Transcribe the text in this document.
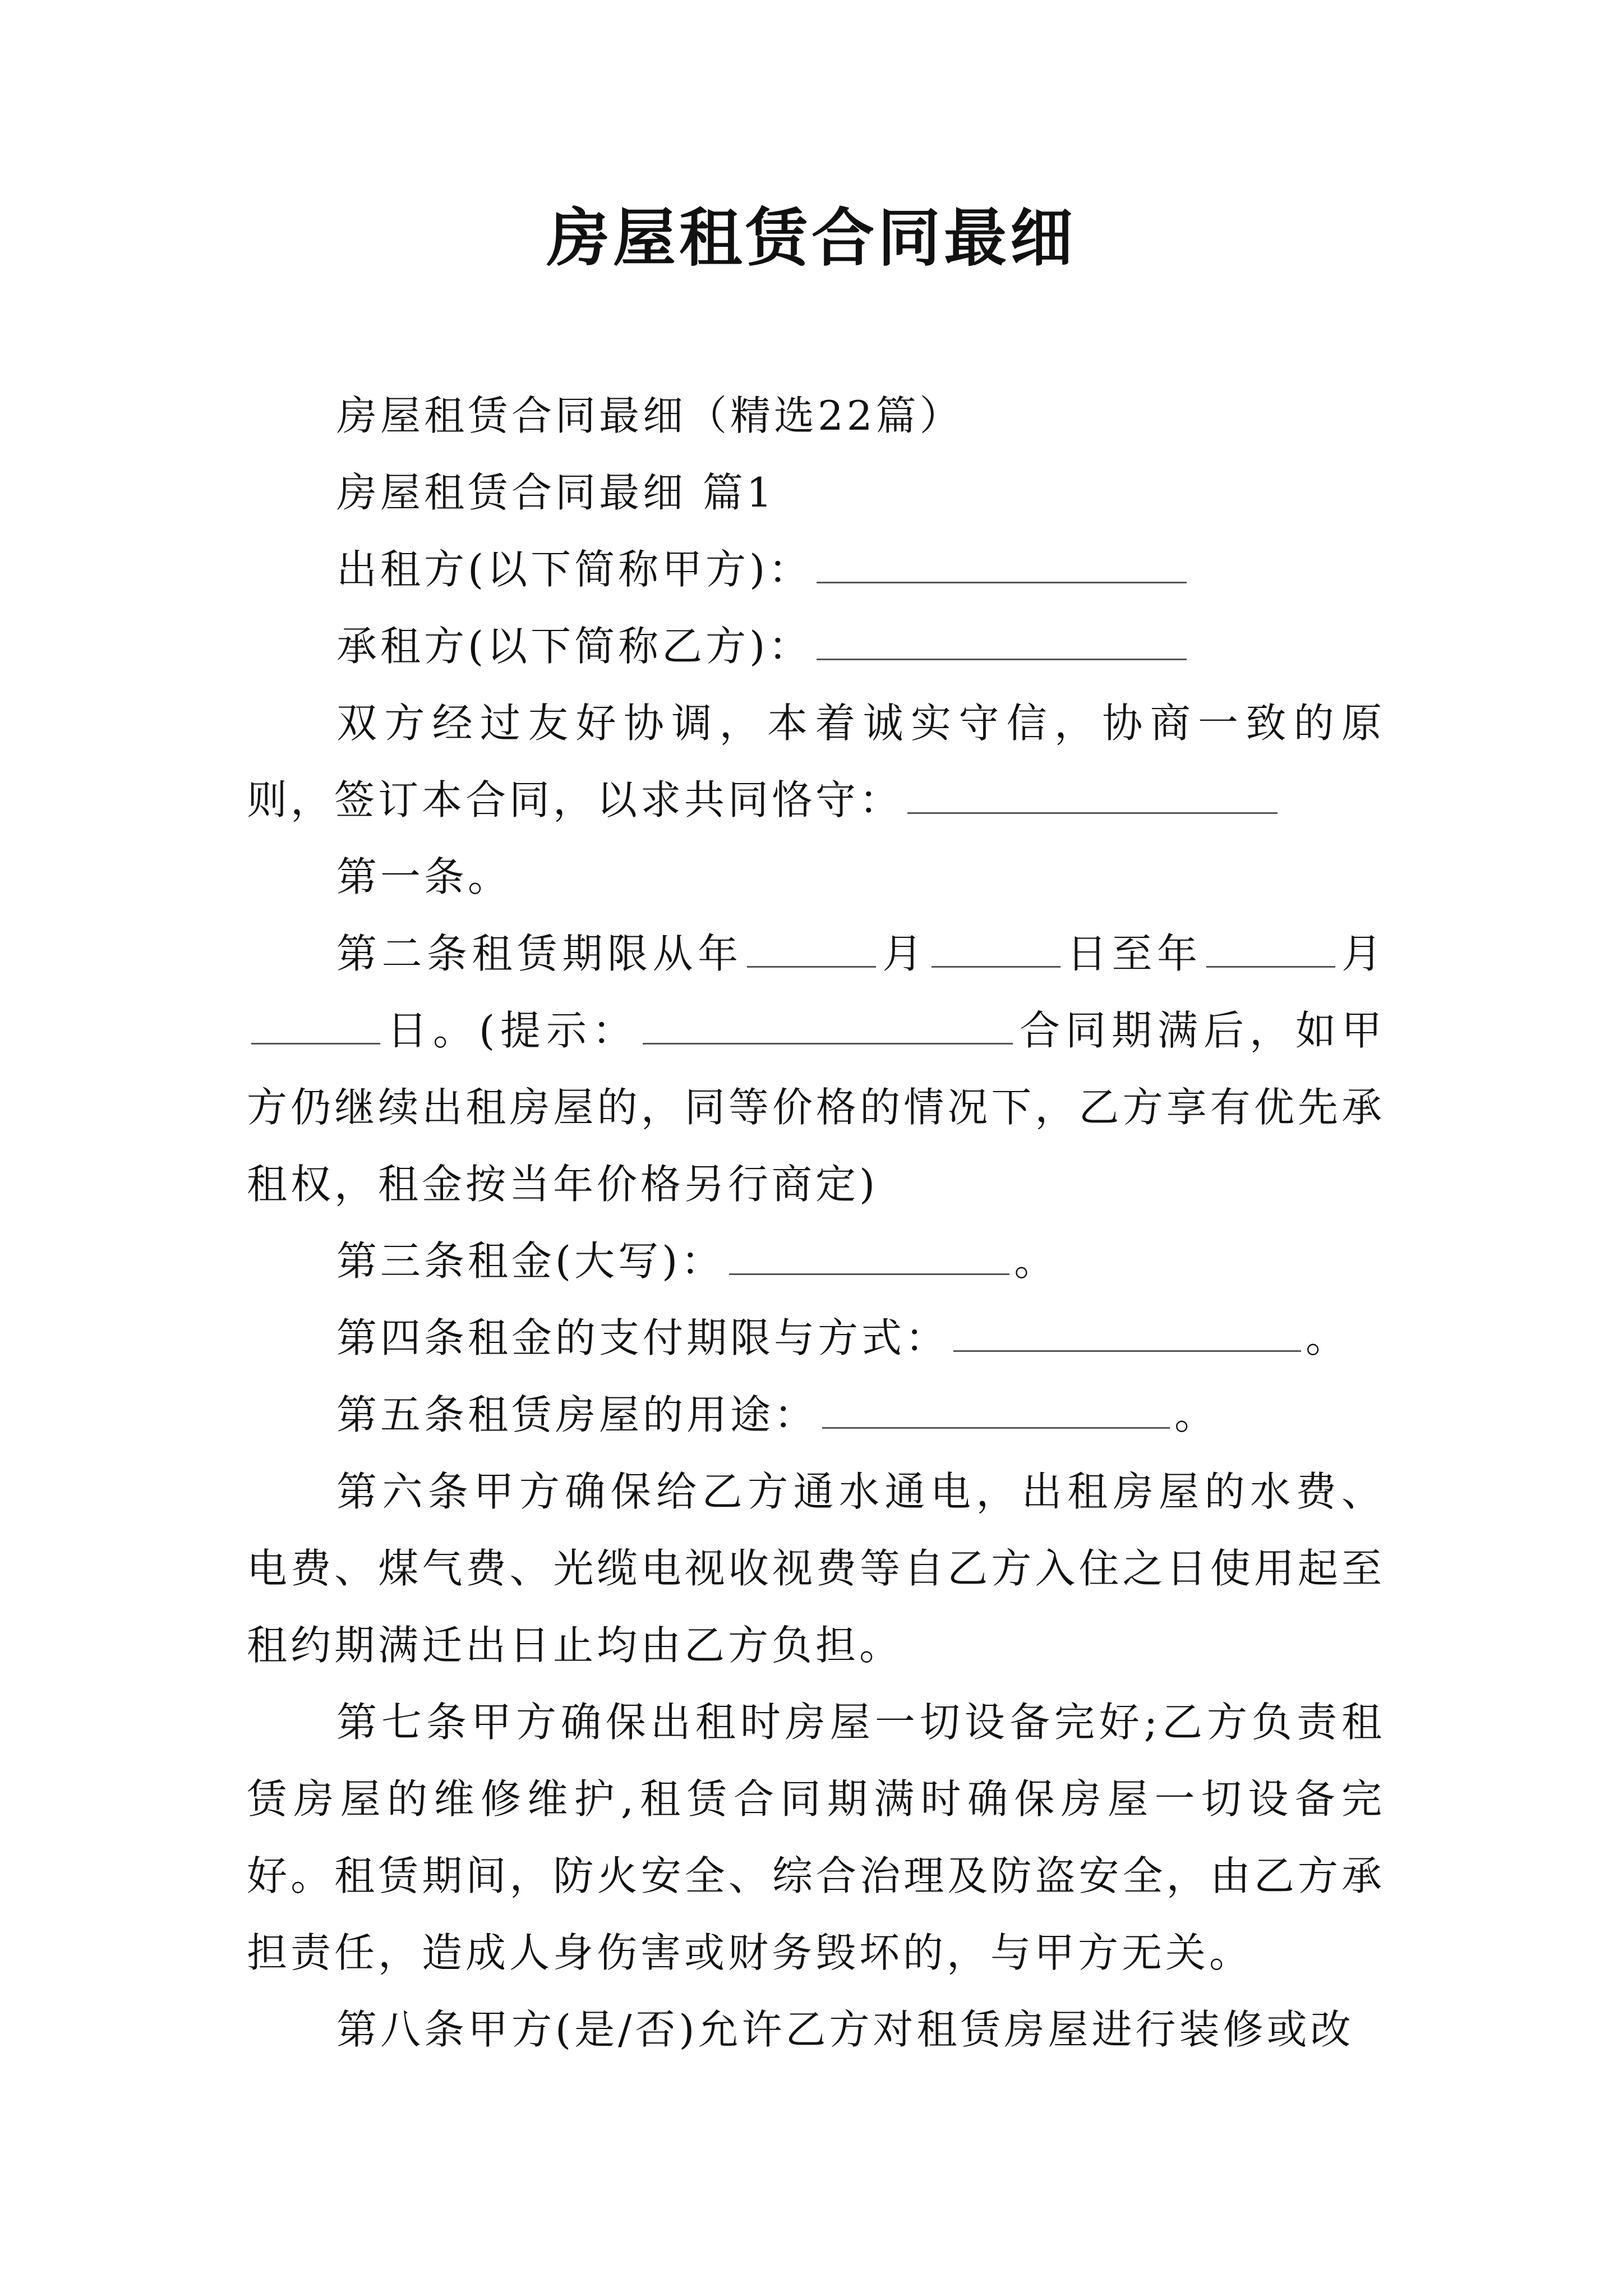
房屋租赁合同最细

房屋租赁合同最细（精选22篇）

房屋租赁合同最细 篇1

出租方(以下简称甲方)：

承租方(以下简称乙方)：

双方经过友好协调，本着诚实守信，协商一致的原则，签订本合同，以求共同恪守：

第一条。

第二条租赁期限从年	月	日至年	月日。(提示：	合同期满后，如甲方仍继续出租房屋的，同等价格的情况下，乙方享有优先承租权，租金按当年价格另行商定)

第三条租金(大写)：	。

第四条租金的支付期限与方式：	。

第五条租赁房屋的用途：	。

第六条甲方确保给乙方通水通电，出租房屋的水费、电费、煤气费、光缆电视收视费等自乙方入住之日使用起至租约期满迁出日止均由乙方负担。

第七条甲方确保出租时房屋一切设备完好;乙方负责租赁房屋的维修维护,租赁合同期满时确保房屋一切设备完好。租赁期间，防火安全、综合治理及防盗安全，由乙方承担责任，造成人身伤害或财务毁坏的，与甲方无关。

第八条甲方(是/否)允许乙方对租赁房屋进行装修或改
